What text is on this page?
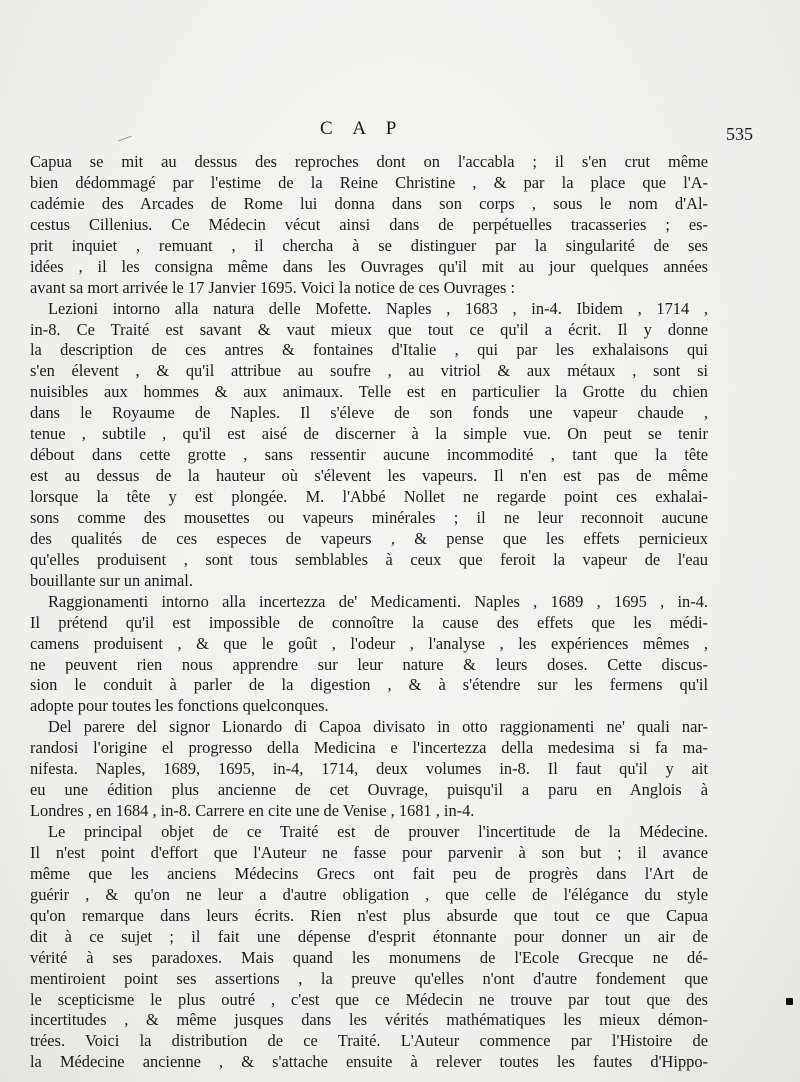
C A P	535
Capua se mit au dessus des reproches dont on l'accabla ; il s'en crut même
bien dédommagé par l'estime de la Reine Christine , & par la place que l'A-
cadémie des Arcades de Rome lui donna dans son corps , sous le nom d'Al-
cestus Cillenius. Ce Médecin vécut ainsi dans de perpétuelles tracasseries ; es-
prit inquiet , remuant , il chercha à se distinguer par la singularité de ses
idées , il les consigna même dans les Ouvrages qu'il mit au jour quelques années
avant sa mort arrivée le 17 Janvier 1695. Voici la notice de ces Ouvrages :
Lezioni intorno alla natura delle Mofette. Naples , 1683 , in-4. Ibidem , 1714 ,
in-8. Ce Traité est savant & vaut mieux que tout ce qu'il a écrit. Il y donne
la description de ces antres & fontaines d'Italie , qui par les exhalaisons qui
s'en élevent , & qu'il attribue au soufre , au vitriol & aux métaux , sont si
nuisibles aux hommes & aux animaux. Telle est en particulier la Grotte du chien
dans le Royaume de Naples. Il s'éleve de son fonds une vapeur chaude ,
tenue , subtile , qu'il est aisé de discerner à la simple vue. On peut se tenir
débout dans cette grotte , sans ressentir aucune incommodité , tant que la tête
est au dessus de la hauteur où s'élevent les vapeurs. Il n'en est pas de même
lorsque la tête y est plongée. M. l'Abbé Nollet ne regarde point ces exhalai-
sons comme des mousettes ou vapeurs minérales ; il ne leur reconnoit aucune
des qualités de ces especes de vapeurs , & pense que les effets pernicieux
qu'elles produisent , sont tous semblables à ceux que feroit la vapeur de l'eau
bouillante sur un animal.
Raggionamenti intorno alla incertezza de' Medicamenti. Naples , 1689 , 1695 , in-4.
Il prétend qu'il est impossible de connoître la cause des effets que les médi-
camens produisent , & que le goût , l'odeur , l'analyse , les expériences mêmes ,
ne peuvent rien nous apprendre sur leur nature & leurs doses. Cette discus-
sion le conduit à parler de la digestion , & à s'étendre sur les fermens qu'il
adopte pour toutes les fonctions quelconques.
Del parere del signor Lionardo di Capoa divisato in otto raggionamenti ne' quali nar-
randosi l'origine el progresso della Medicina e l'incertezza della medesima si fa ma-
nifesta. Naples, 1689, 1695, in-4, 1714, deux volumes in-8. Il faut qu'il y ait
eu une édition plus ancienne de cet Ouvrage, puisqu'il a paru en Anglois à
Londres , en 1684 , in-8. Carrere en cite une de Venise , 1681 , in-4.
Le principal objet de ce Traité est de prouver l'incertitude de la Médecine.
Il n'est point d'effort que l'Auteur ne fasse pour parvenir à son but ; il avance
même que les anciens Médecins Grecs ont fait peu de progrès dans l'Art de
guérir , & qu'on ne leur a d'autre obligation , que celle de l'élégance du style
qu'on remarque dans leurs écrits. Rien n'est plus absurde que tout ce que Capua
dit à ce sujet ; il fait une dépense d'esprit étonnante pour donner un air de
vérité à ses paradoxes. Mais quand les monumens de l'Ecole Grecque ne dé-
mentiroient point ses assertions , la preuve qu'elles n'ont d'autre fondement que
le scepticisme le plus outré , c'est que ce Médecin ne trouve par tout que des
incertitudes , & même jusques dans les vérités mathématiques les mieux démon-
trées. Voici la distribution de ce Traité. L'Auteur commence par l'Histoire de
la Médecine ancienne , & s'attache ensuite à relever toutes les fautes d'Hippo-
